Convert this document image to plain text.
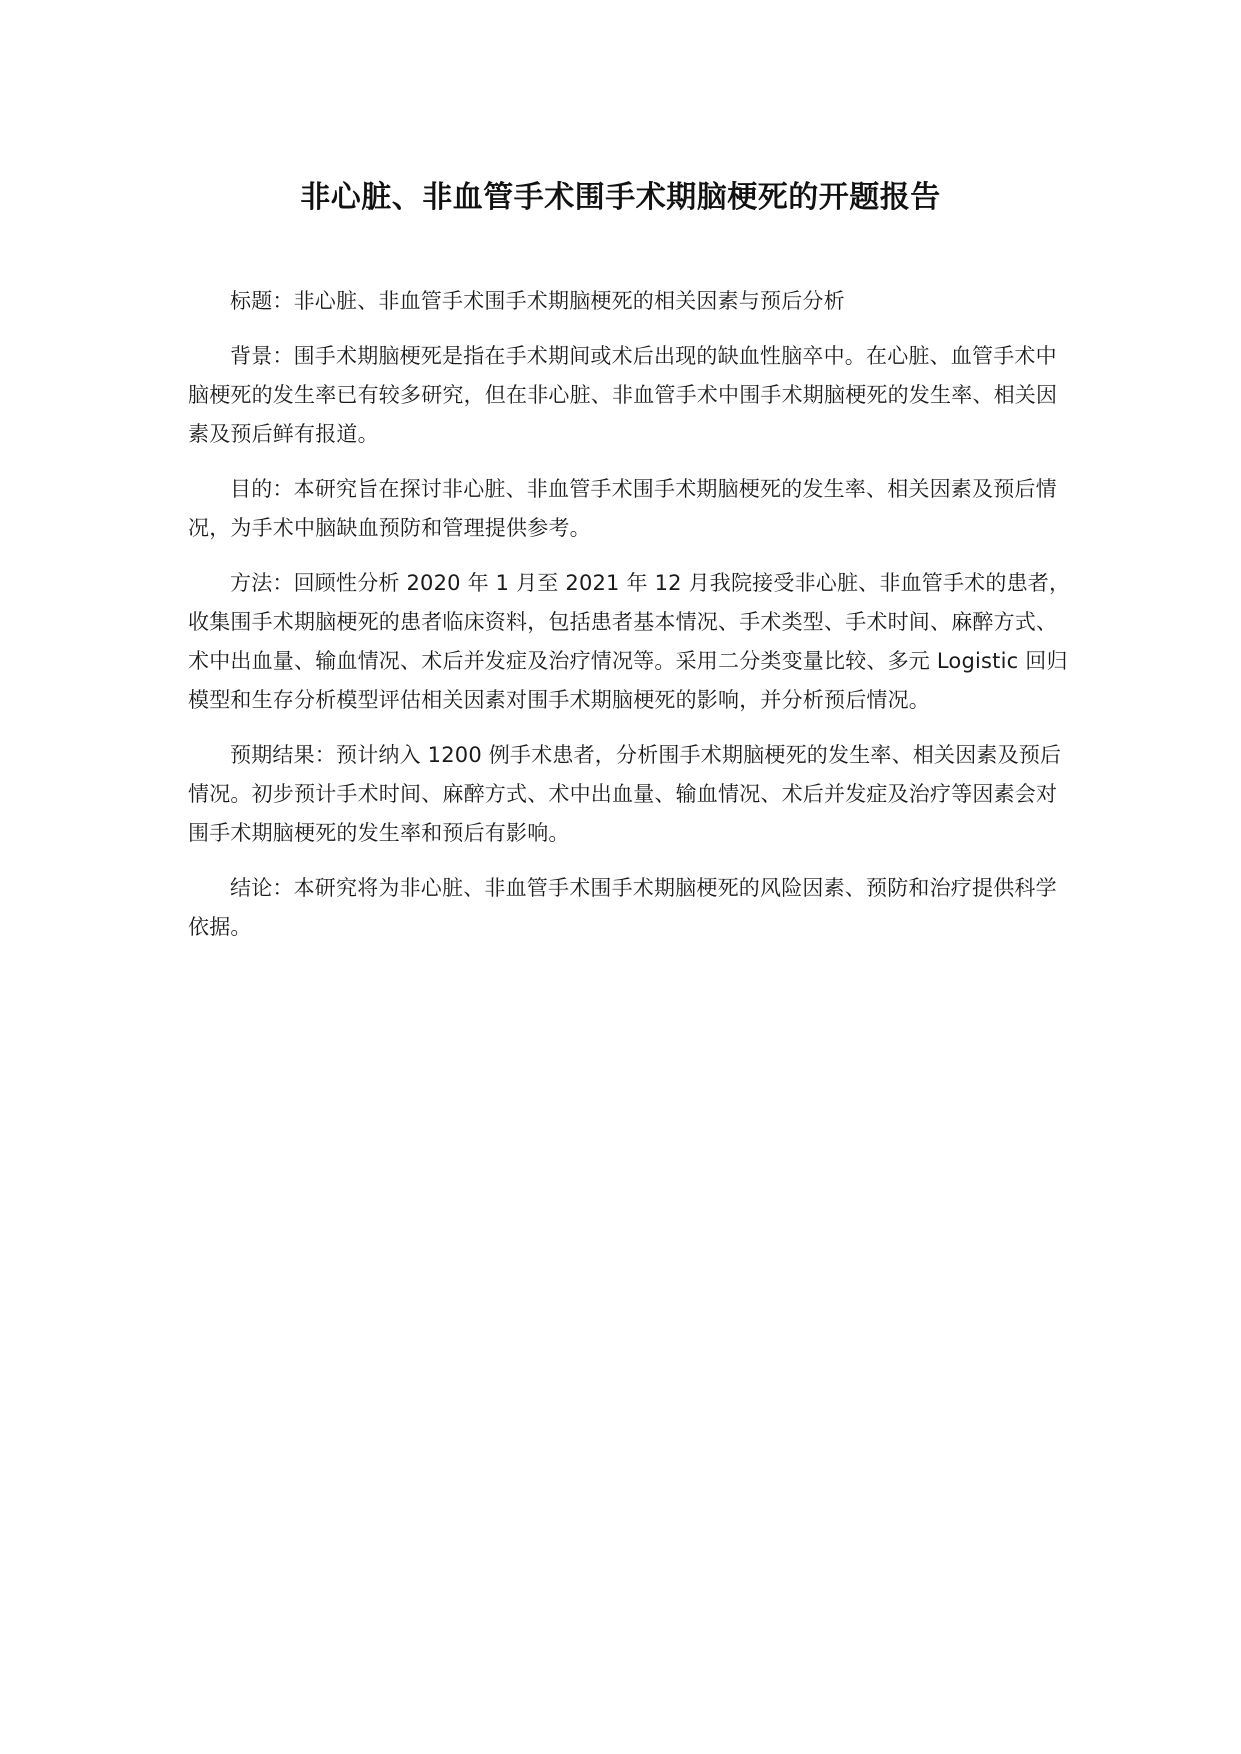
非心脏、非血管手术围手术期脑梗死的开题报告

标题：非心脏、非血管手术围手术期脑梗死的相关因素与预后分析

背景：围手术期脑梗死是指在手术期间或术后出现的缺血性脑卒中。在心脏、血管手术中脑梗死的发生率已有较多研究，但在非心脏、非血管手术中围手术期脑梗死的发生率、相关因素及预后鲜有报道。

目的：本研究旨在探讨非心脏、非血管手术围手术期脑梗死的发生率、相关因素及预后情况，为手术中脑缺血预防和管理提供参考。

方法：回顾性分析 2020 年 1 月至 2021 年 12 月我院接受非心脏、非血管手术的患者，收集围手术期脑梗死的患者临床资料，包括患者基本情况、手术类型、手术时间、麻醉方式、术中出血量、输血情况、术后并发症及治疗情况等。采用二分类变量比较、多元 Logistic 回归模型和生存分析模型评估相关因素对围手术期脑梗死的影响，并分析预后情况。

预期结果：预计纳入 1200 例手术患者，分析围手术期脑梗死的发生率、相关因素及预后情况。初步预计手术时间、麻醉方式、术中出血量、输血情况、术后并发症及治疗等因素会对围手术期脑梗死的发生率和预后有影响。

结论：本研究将为非心脏、非血管手术围手术期脑梗死的风险因素、预防和治疗提供科学依据。
